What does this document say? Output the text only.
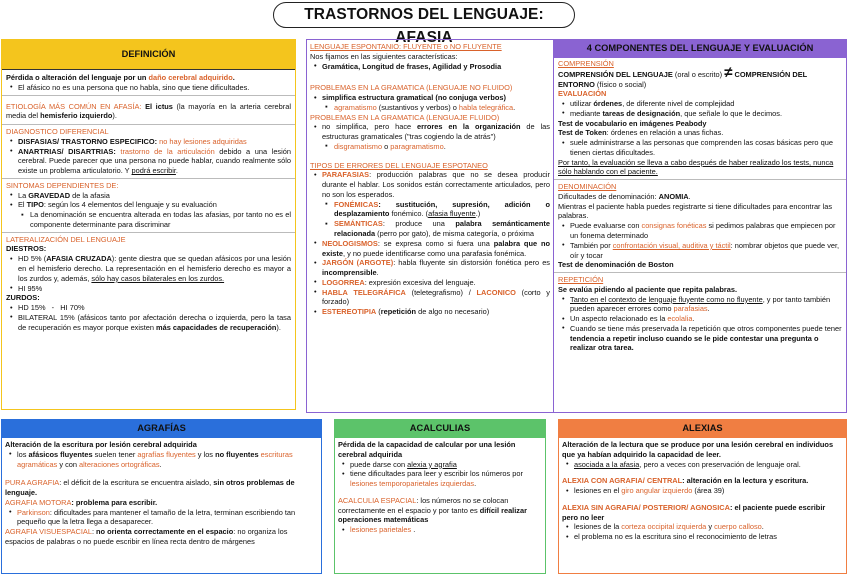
TRASTORNOS DEL LENGUAJE: AFASIA
DEFINICIÓN

Pérdida o alteración del lenguaje por un daño cerebral adquirido.

• El afásico no es una persona que no habla, sino que tiene dificultades.

ETIOLOGÍA MÁS COMÚN EN AFASÍA: El ictus (la mayoría en la arteria cerebral media del hemisferio izquierdo).

DIAGNOSTICO DIFERENCIAL

• DISFASIAS/ TRASTORNO ESPECIFICO: no hay lesiones adquiridas
• ANARTRIAS/ DISARTRIAS: trastorno de la articulación debido a una lesión cerebral. Puede parecer que una persona no puede hablar, cuando realmente sólo existe un problema articulatorio. Y podrá escribir.

SINTOMAS DEPENDIENTES DE:

• La GRAVEDAD de la afasia
• El TIPO: según los 4 elementos del lenguaje y su evaluación
▪ La denominación se encuentra alterada en todas las afasias, por tanto no es el componente determinante para discriminar

LATERALIZACIÓN DEL LENGUAJE

DIESTROS:

• HD 5% (AFASIA CRUZADA): gente diestra que se quedan afásicos por una lesión en el hemisferio derecho. La representación en el hemisferio derecho es mayor a los zurdos y, además, sólo hay casos bilaterales en los zurdos.
• HI 95%

ZURDOS:

• HD 15%   -   HI 70%
• BILATERAL 15% (afásicos tanto por afectación derecha o izquierda, pero la tasa de recuperación es mayor porque existen más capacidades de recuperación).

LENGUAJE ESPONTANIO: FLUYENTE o NO FLUYENTE

Nos fijamos en las siguientes características:

• Gramática, Longitud de frases, Agilidad y Prosodia

PROBLEMAS EN LA GRAMATICA (LENGUAJE NO FLUIDO)

• simplifica estructura gramatical (no conjuga verbos)
▪ agramatismo (sustantivos y verbos) o habla telegráfica.

PROBLEMAS EN LA GRAMATICA (LENGUAJE FLUIDO)

• no simplifica, pero hace errores en la organización de las estructuras gramaticales ("tras cogiendo la de atrás")
▪ disgramatismo o paragramatismo.

TIPOS DE ERRORES DEL LENGUAJE ESPOTANEO

• PARAFASIAS: producción palabras que no se desea producir durante el hablar. Los sonidos están correctamente articulados, pero no son los esperados.
▪ FONÉMICAS: sustitución, supresión, adición o desplazamiento fonémico. (afasia fluyente.)
▪ SEMÁNTICAS: produce una palabra semánticamente relacionada (perro por gato), de misma categoría, o próxima
• NEOLOGISMOS: se expresa como si fuera una palabra que no existe, y no puede identificarse como una parafasia fonémica.
• JARGÓN (ARGOTE): habla fluyente sin distorsión fonética pero es incomprensible.
• LOGORREA: expresión excesiva del lenguaje.
• HABLA TELEGRÁFICA (teletegrafismo) / LACONICO (corto y forzado)
• ESTEREOTIPIA (repetición de algo no necesario)
4 COMPONENTES DEL LENGUAJE Y EVALUACIÓN

COMPRENSIÓN

COMPRENSIÓN DEL LENGUAJE (oral o escrito) ≠ COMPRENSIÓN DEL ENTORNO (físico o social)

EVALUACIÓN

• utilizar órdenes, de diferente nivel de complejidad
• mediante tareas de designación, que señale lo que le decimos.

Test de vocabulario en imágenes Peabody

Test de Token: órdenes en relación a unas fichas.

• suele administrarse a las personas que comprenden las cosas básicas pero que tienen ciertas dificultades.

Por tanto, la evaluación se lleva a cabo después de haber realizado los tests, nunca sólo hablando con el paciente.

DENOMINACIÓN

Dificultades de denominación: ANOMIA.

Mientras el paciente habla puedes registrarte si tiene dificultades para encontrar las palabras.

• Puede evaluarse con consignas fonéticas si pedimos palabras que empiecen por un fonema determinado
• También por confrontación visual, auditiva y táctil: nombrar objetos que puede ver, oír y tocar

Test de denominación de Boston

REPETICIÓN

Se evalúa pidiendo al paciente que repita palabras.

• Tanto en el contexto de lenguaje fluyente como no fluyente, y por tanto también pueden aparecer errores como parafasias.
• Un aspecto relacionado es la ecolalia.
• Cuando se tiene más preservada la repetición que otros componentes puede tener tendencia a repetir incluso cuando se le pide contestar una pregunta o realizar otra tarea.
AGRAFÍAS

Alteración de la escritura por lesión cerebral adquirida

• los afásicos fluyentes suelen tener agrafías fluyentes y los no fluyentes escrituras agramáticas y con alteraciones ortográficas.

PURA AGRAFIA: el déficit de la escritura se encuentra aislado, sin otros problemas de lenguaje.

AGRAFIA MOTORA: problema para escribir.

• Parkinson: dificultades para mantener el tamaño de la letra, terminan escribiendo tan pequeño que la letra llega a desaparecer.

AGRAFIA VISUESPACIAL: no orienta correctamente en el espacio: no organiza los espacios de palabras o no puede escribir en línea recta dentro de márgenes

ACALCULIAS

Pérdida de la capacidad de calcular por una lesión cerebral adquirida

• puede darse con alexia y agrafia
• tiene dificultades para leer y escribir los números por lesiones temporoparietales izquierdas.

ACALCULIA ESPACIAL: los números no se colocan correctamente en el espacio y por tanto es difícil realizar operaciones matemáticas

• lesiones parietales .
ALEXIAS

Alteración de la lectura que se produce por una lesión cerebral en individuos que ya habían adquirido la capacidad de leer.

• asociada a la afasia, pero a veces con preservación de lenguaje oral.

ALEXIA CON AGRAFIA/ CENTRAL: alteración en la lectura y escritura.

• lesiones en el giro angular izquierdo (área 39)

ALEXIA SIN AGRAFIA/ POSTERIOR/ AGNOSICA: el paciente puede escribir pero no leer

• lesiones de la corteza occipital izquierda y cuerpo calloso.
• el problema no es la escritura sino el reconocimiento de letras
